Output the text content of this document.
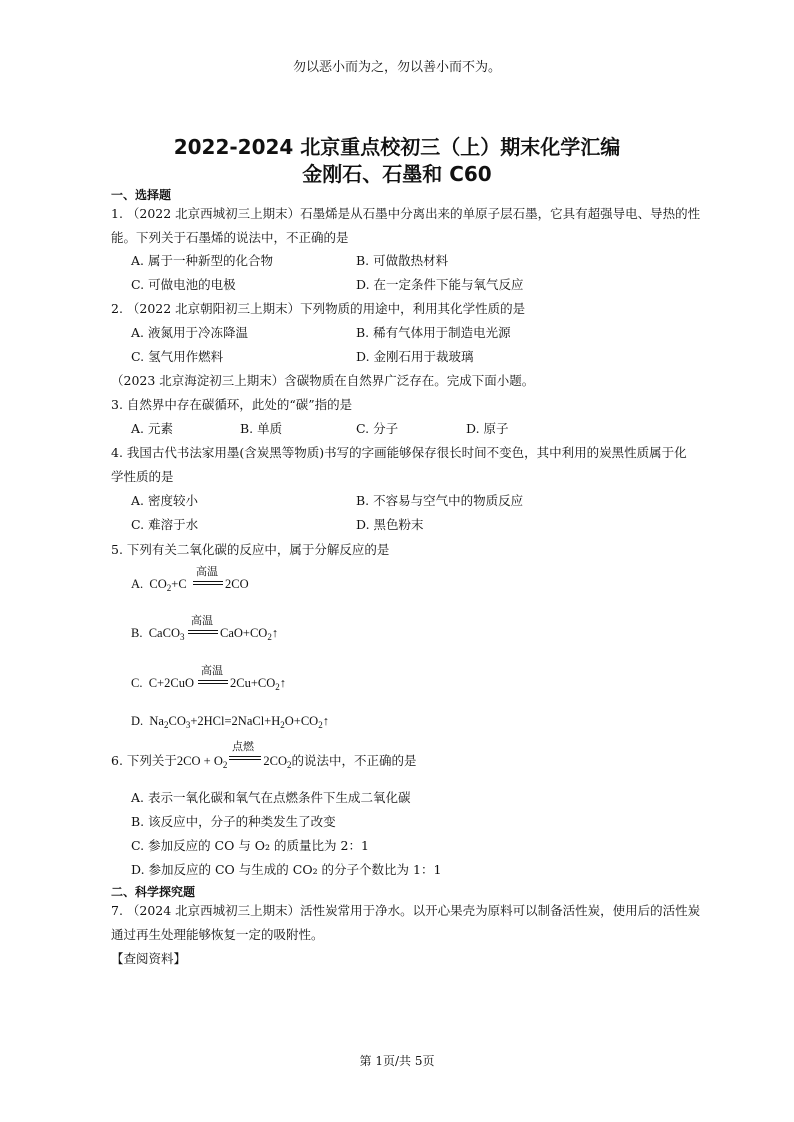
勿以恶小而为之，勿以善小而不为。
2022-2024 北京重点校初三（上）期末化学汇编
金刚石、石墨和 C60
一、选择题
1. （2022 北京西城初三上期末）石墨烯是从石墨中分离出来的单原子层石墨，它具有超强导电、导热的性
能。下列关于石墨烯的说法中，不正确的是
A. 属于一种新型的化合物	B. 可做散热材料
C. 可做电池的电极	D. 在一定条件下能与氧气反应
2. （2022 北京朝阳初三上期末）下列物质的用途中，利用其化学性质的是
A. 液氮用于冷冻降温	B. 稀有气体用于制造电光源
C. 氢气用作燃料	D. 金刚石用于裁玻璃
（2023 北京海淀初三上期末）含碳物质在自然界广泛存在。完成下面小题。
3. 自然界中存在碳循环，此处的“碳”指的是
A. 元素	B. 单质	C. 分子	D. 原子
4. 我国古代书法家用墨(含炭黑等物质)书写的字画能够保存很长时间不变色，其中利用的炭黑性质属于化
学性质的是
A. 密度较小	B. 不容易与空气中的物质反应
C. 难溶于水	D. 黑色粉末
5. 下列有关二氧化碳的反应中，属于分解反应的是
A.  $CO_2+C$
高温
2CO
B.  CaCO$_3$
高温
$CaO+CO_2↑$
C.  C+2CuO
高温
$2Cu+CO_2↑$
D.  $Na_2CO_3+2HCl=2NaCl+H_2O+CO_2↑$
6. 下列关于$2CO + O_2$	$2CO_2$的说法中，不正确的是
点燃
A. 表示一氧化碳和氧气在点燃条件下生成二氧化碳
B. 该反应中，分子的种类发生了改变
C. 参加反应的 CO 与 O₂ 的质量比为 2：1
D. 参加反应的 CO 与生成的 CO₂ 的分子个数比为 1：1
二、科学探究题
7. （2024 北京西城初三上期末）活性炭常用于净水。以开心果壳为原料可以制备活性炭，使用后的活性炭
通过再生处理能够恢复一定的吸附性。
【查阅资料】
第 1页/共 5页
